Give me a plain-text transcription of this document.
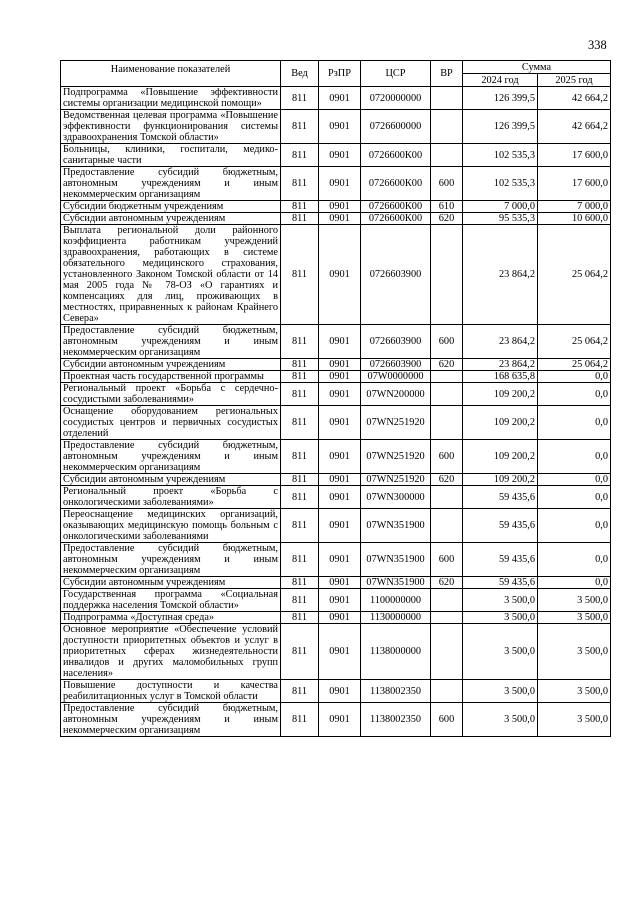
338
Наименование показателей	Вед	РзПР	ЦСР	ВР	Сумма	
					2024 год	2025 год
Подпрограмма «Повышение эффективности системы организации медицинской помощи»	811	0901	0720000000		126 399,5	42 664,2
Ведомственная целевая программа «Повышение эффективности функционирования системы здравоохранения Томской области»	811	0901	0726600000		126 399,5	42 664,2
Больницы, клиники, госпитали, медико-санитарные части	811	0901	0726600К00		102 535,3	17 600,0
Предоставление субсидий бюджетным, автономным учреждениям и иным некоммерческим организациям	811	0901	0726600К00	600	102 535,3	17 600,0
Субсидии бюджетным учреждениям	811	0901	0726600К00	610	7 000,0	7 000,0
Субсидии автономным учреждениям	811	0901	0726600К00	620	95 535,3	10 600,0
Выплата региональной доли районного коэффициента работникам учреждений здравоохранения, работающих в системе обязательного медицинского страхования, установленного Законом Томской области от 14 мая 2005 года № 78-ОЗ «О гарантиях и компенсациях для лиц, проживающих в местностях, приравненных к районам Крайнего Севера»	811	0901	0726603900		23 864,2	25 064,2
Предоставление субсидий бюджетным, автономным учреждениям и иным некоммерческим организациям	811	0901	0726603900	600	23 864,2	25 064,2
Субсидии автономным учреждениям	811	0901	0726603900	620	23 864,2	25 064,2
Проектная часть государственной программы	811	0901	07W0000000		168 635,8	0,0
Региональный проект «Борьба с сердечно-сосудистыми заболеваниями»	811	0901	07WN200000		109 200,2	0,0
Оснащение оборудованием региональных сосудистых центров и первичных сосудистых отделений	811	0901	07WN251920		109 200,2	0,0
Предоставление субсидий бюджетным, автономным учреждениям и иным некоммерческим организациям	811	0901	07WN251920	600	109 200,2	0,0
Субсидии автономным учреждениям	811	0901	07WN251920	620	109 200,2	0,0
Региональный проект «Борьба с онкологическими заболеваниями»	811	0901	07WN300000		59 435,6	0,0
Переоснащение медицинских организаций, оказывающих медицинскую помощь больным с онкологическими заболеваниями	811	0901	07WN351900		59 435,6	0,0
Предоставление субсидий бюджетным, автономным учреждениям и иным некоммерческим организациям	811	0901	07WN351900	600	59 435,6	0,0
Субсидии автономным учреждениям	811	0901	07WN351900	620	59 435,6	0,0
Государственная программа «Социальная поддержка населения Томской области»	811	0901	1100000000		3 500,0	3 500,0
Подпрограмма «Доступная среда»	811	0901	1130000000		3 500,0	3 500,0
Основное мероприятие «Обеспечение условий доступности приоритетных объектов и услуг в приоритетных сферах жизнедеятельности инвалидов и других маломобильных групп населения»	811	0901	1138000000		3 500,0	3 500,0
Повышение доступности и качества реабилитационных услуг в Томской области	811	0901	1138002350		3 500,0	3 500,0
Предоставление субсидий бюджетным, автономным учреждениям и иным некоммерческим организациям	811	0901	1138002350	600	3 500,0	3 500,0
